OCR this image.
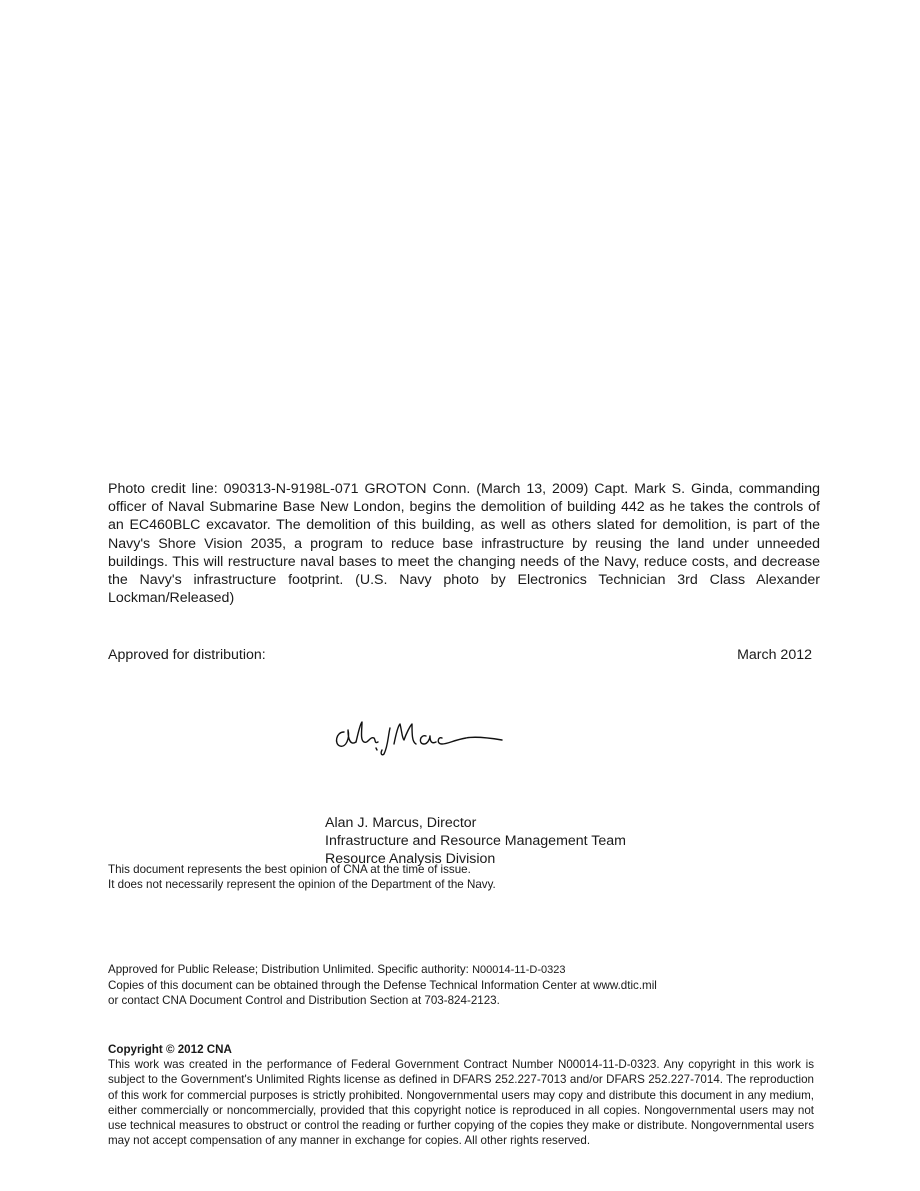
Photo credit line: 090313-N-9198L-071 GROTON Conn. (March 13, 2009) Capt. Mark S. Ginda, commanding officer of Naval Submarine Base New London, begins the demolition of building 442 as he takes the controls of an EC460BLC excavator. The demolition of this building, as well as others slated for demolition, is part of the Navy's Shore Vision 2035, a program to reduce base infrastructure by reusing the land under unneeded buildings. This will restructure naval bases to meet the changing needs of the Navy, reduce costs, and decrease the Navy's infrastructure footprint. (U.S. Navy photo by Electronics Technician 3rd Class Alexander Lockman/Released)
Approved for distribution:	March 2012
Alan J. Marcus, Director
Infrastructure and Resource Management Team
Resource Analysis Division
This document represents the best opinion of CNA at the time of issue.
It does not necessarily represent the opinion of the Department of the Navy.
Approved for Public Release; Distribution Unlimited. Specific authority: N00014-11-D-0323
Copies of this document can be obtained through the Defense Technical Information Center at www.dtic.mil
or contact CNA Document Control and Distribution Section at 703-824-2123.
Copyright © 2012 CNA
This work was created in the performance of Federal Government Contract Number N00014-11-D-0323. Any copyright in this work is subject to the Government's Unlimited Rights license as defined in DFARS 252.227-7013 and/or DFARS 252.227-7014. The reproduction of this work for commercial purposes is strictly prohibited. Nongovernmental users may copy and distribute this document in any medium, either commercially or noncommercially, provided that this copyright notice is reproduced in all copies. Nongovernmental users may not use technical measures to obstruct or control the reading or further copying of the copies they make or distribute. Nongovernmental users may not accept compensation of any manner in exchange for copies. All other rights reserved.
